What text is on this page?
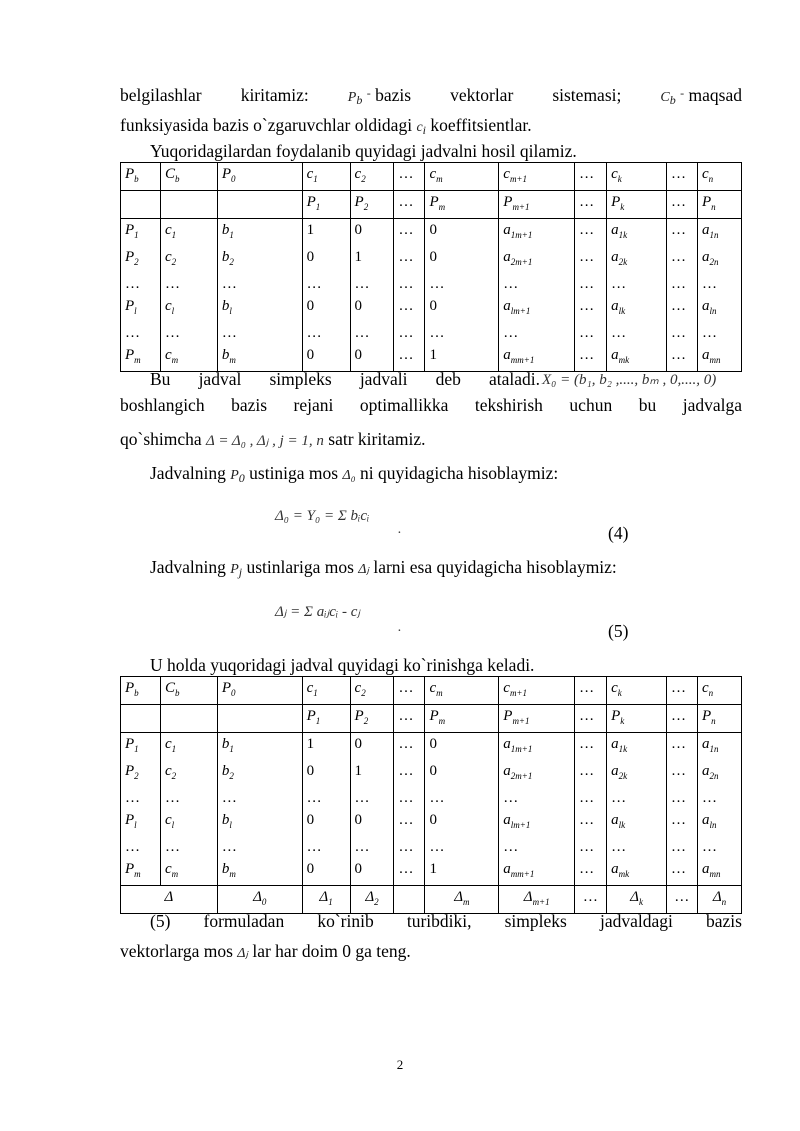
belgilashlar kiritamiz:	Pb - bazis vektorlar sistemasi;	Cb - maqsad
funksiyasida bazis o`zgaruvchlar oldidagi ci koeffitsientlar.
Yuqoridagilardan foydalanib quyidagi jadvalni hosil qilamiz.
$P_b$	$C_b$	$P_0$	$c_1$	$c_2$	…	$c_m$	$c_{m+1}$	…	$c_k$	…	$c_n$
			$P_1$	$P_2$	…	$P_m$	$P_{m+1}$	…	$P_k$	…	$P_n$
$P_1$	$c_1$	$b_1$	1	0	…	0	$a_{1m+1}$	…	$a_{1k}$	…	$a_{1n}$
$P_2$	$c_2$	$b_2$	0	1	…	0	$a_{2m+1}$	…	$a_{2k}$	…	$a_{2n}$
…	…	…	…	…	…	…	…	…	…	…	…
$P_l$	$c_l$	$b_l$	0	0	…	0	$a_{lm+1}$	…	$a_{lk}$	…	$a_{ln}$
…	…	…	…	…	…	…	…	…	…	…	…
$P_m$	$c_m$	$b_m$	0	0	…	1	$a_{mm+1}$	…	$a_{mk}$	…	$a_{mn}$
Bu jadval simpleks jadvali deb ataladi. X₀ = (b₁, b₂ ,...., bₘ , 0,...., 0)
boshlangich bazis rejani optimallikka tekshirish uchun bu jadvalga
qo`shimcha Δ = Δ₀ , Δⱼ , j = 1, n satr kiritamiz.
Jadvalning P0 ustiniga mos Δ₀ ni quyidagicha hisoblaymiz:
Δ₀ = Y₀ = Σ bᵢcᵢ
.	(4)
Jadvalning Pj ustinlariga mos Δⱼ larni esa quyidagicha hisoblaymiz:
Δⱼ = Σ aᵢⱼcᵢ - cⱼ
.	(5)
U holda yuqoridagi jadval quyidagi ko`rinishga keladi.
$P_b$	$C_b$	$P_0$	$c_1$	$c_2$	…	$c_m$	$c_{m+1}$	…	$c_k$	…	$c_n$
			$P_1$	$P_2$	…	$P_m$	$P_{m+1}$	…	$P_k$	…	$P_n$
$P_1$	$c_1$	$b_1$	1	0	…	0	$a_{1m+1}$	…	$a_{1k}$	…	$a_{1n}$
$P_2$	$c_2$	$b_2$	0	1	…	0	$a_{2m+1}$	…	$a_{2k}$	…	$a_{2n}$
…	…	…	…	…	…	…	…	…	…	…	…
$P_l$	$c_l$	$b_l$	0	0	…	0	$a_{lm+1}$	…	$a_{lk}$	…	$a_{ln}$
…	…	…	…	…	…	…	…	…	…	…	…
$P_m$	$c_m$	$b_m$	0	0	…	1	$a_{mm+1}$	…	$a_{mk}$	…	$a_{mn}$
Δ		$\Delta_0$	$\Delta_1$	$\Delta_2$		$\Delta_m$	$\Delta_{m+1}$	…	$\Delta_k$	…	$\Delta_n$
(5) formuladan ko`rinib turibdiki, simpleks jadvaldagi bazis
vektorlarga mos Δⱼ lar har doim 0 ga teng.
2
